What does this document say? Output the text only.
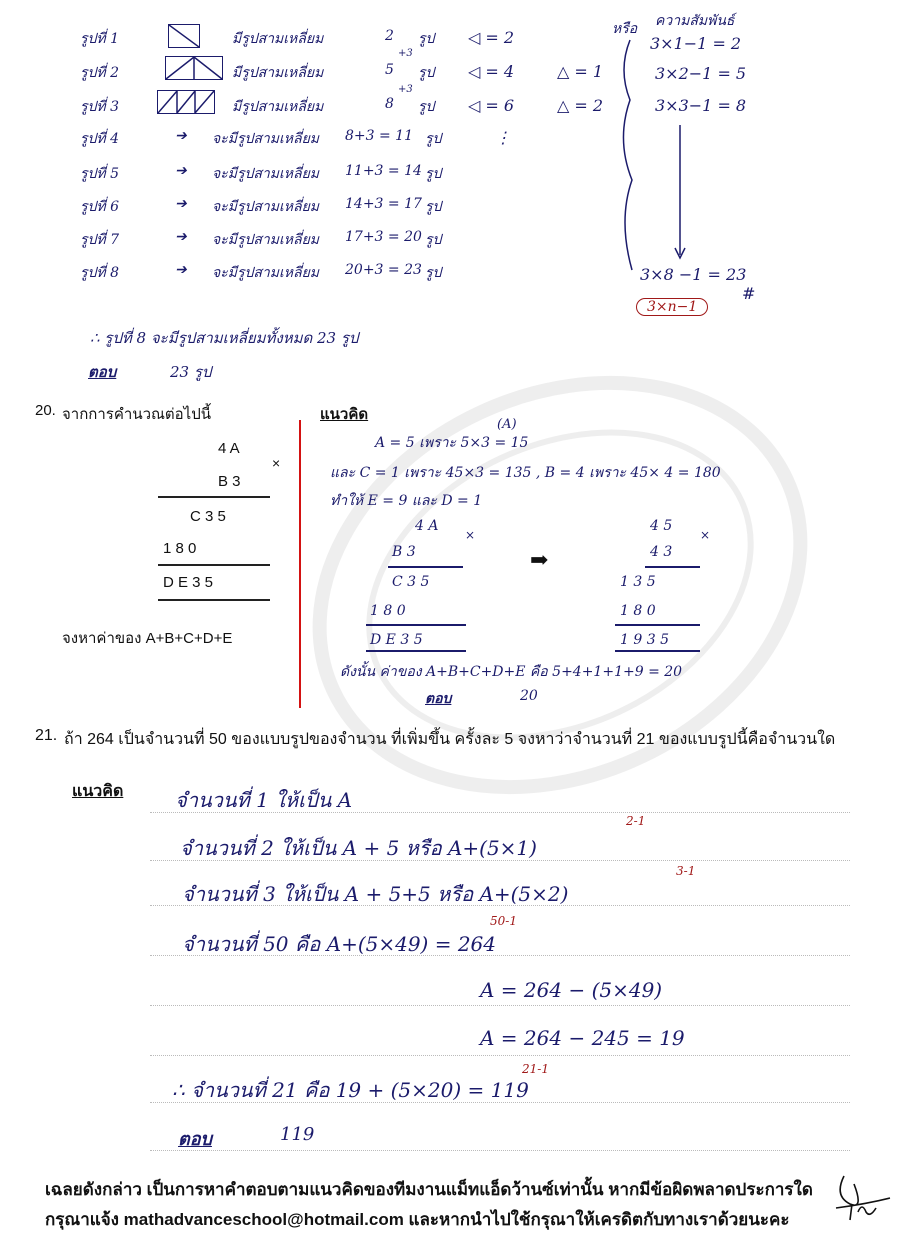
รูปที่ 1	มีรูปสามเหลี่ยม	2 รูป ◁ = 2
รูปที่ 2	มีรูปสามเหลี่ยม	5 รูป ◁ = 4	△ = 1
รูปที่ 3	มีรูปสามเหลี่ยม	8 รูป ◁ = 6	△ = 2
รูปที่ 4	➔ จะมีรูปสามเหลี่ยม 8+3 = 11 รูป
รูปที่ 5	➔ จะมีรูปสามเหลี่ยม 11+3 = 14 รูป
รูปที่ 6	➔ จะมีรูปสามเหลี่ยม 14+3 = 17 รูป
รูปที่ 7	➔ จะมีรูปสามเหลี่ยม 17+3 = 20 รูป
รูปที่ 8	➔ จะมีรูปสามเหลี่ยม 20+3 = 23 รูป
⋮
+3
+3
หรือ ความสัมพันธ์
3×1−1 = 2
3×2−1 = 5
3×3−1 = 8
3×8 −1 = 23
#
3×n−1
∴ รูปที่ 8 จะมีรูปสามเหลี่ยมทั้งหมด 23 รูป
ตอบ	23 รูป
20. จากการคำนวณต่อไปนี้
4 A
×
B 3
C 3 5
1 8 0
D E 3 5
จงหาค่าของ A+B+C+D+E
แนวคิด
(A)
A = 5 เพราะ 5×3 = 15
และ C = 1 เพราะ 45×3 = 135 , B = 4 เพราะ 45× 4 = 180
ทำให้ E = 9 และ D = 1
4 A
B 3
C 3 5
1 8 0
D E 3 5
×
4 5
4 3
1 3 5
1 8 0
1 9 3 5
×
➡
ดังนั้น ค่าของ A+B+C+D+E คือ 5+4+1+1+9 = 20
ตอบ	20
21. ถ้า 264 เป็นจำนวนที่ 50 ของแบบรูปของจำนวน ที่เพิ่มขึ้น ครั้งละ 5 จงหาว่าจำนวนที่ 21 ของแบบรูปนี้คือจำนวนใด
แนวคิด	จำนวนที่ 1 ให้เป็น A
จำนวนที่ 2 ให้เป็น A + 5 หรือ A+(5×1)
จำนวนที่ 3 ให้เป็น A + 5+5 หรือ A+(5×2)
จำนวนที่ 50 คือ A+(5×49) = 264
A = 264 − (5×49)
A = 264 − 245 = 19
∴ จำนวนที่ 21 คือ 19 + (5×20) = 119
2-1
3-1
50-1
21-1
ตอบ	119
เฉลยดังกล่าว เป็นการหาคำตอบตามแนวคิดของทีมงานแม็ทแอ็ดว้านซ์เท่านั้น หากมีข้อผิดพลาดประการใด
กรุณาแจ้ง mathadvanceschool@hotmail.com และหากนำไปใช้กรุณาให้เครดิตกับทางเราด้วยนะคะ
